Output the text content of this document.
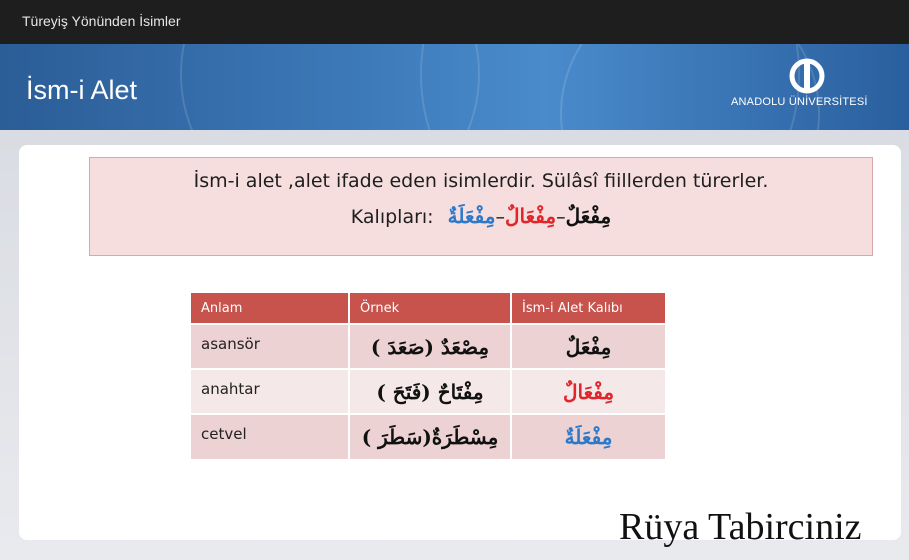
Türeyiş Yönünden İsimler
İsm-i Alet	ANADOLU ÜNİVERSİTESİ
İsm-i alet ,alet ifade eden isimlerdir. Sülâsî fiillerden türerler.
Kalıpları:	مِفْعَلٌ–مِفْعَالٌ–مِفْعَلَةٌ
Anlam	Örnek	İsm-i Alet Kalıbı
asansör	مِصْعَدٌ (صَعَدَ )	مِفْعَلٌ
anahtar	مِفْتَاحٌ (فَتَحَ )	مِفْعَالٌ
cetvel	مِسْطَرَةٌ(سَطَرَ )	مِفْعَلَةٌ
Rüya Tabirciniz
